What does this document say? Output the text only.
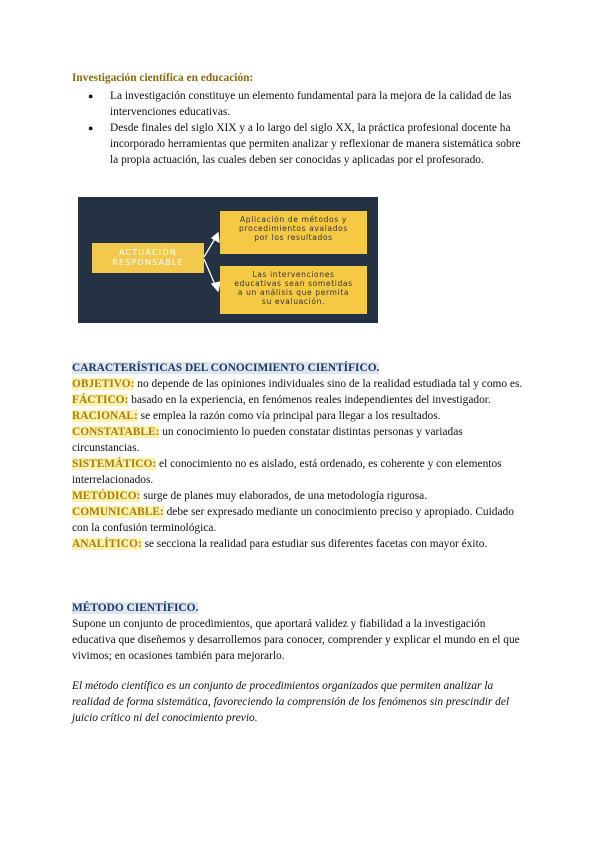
Investigación científica en educación:
● La investigación constituye un elemento fundamental para la mejora de la calidad de las intervenciones educativas.
● Desde finales del siglo XIX y a lo largo del siglo XX, la práctica profesional docente ha incorporado herramientas que permiten analizar y reflexionar de manera sistemática sobre la propia actuación, las cuales deben ser conocidas y aplicadas por el profesorado.
ACTUACIÓN
RESPONSABLE
Aplicación de métodos y
procedimientos avalados
por los resultados
Las intervenciones
educativas sean sometidas
a un análisis que permita
su evaluación.
CARACTERÍSTICAS DEL CONOCIMIENTO CIENTÍFICO.
OBJETIVO: no depende de las opiniones individuales sino de la realidad estudiada tal y como es.
FÁCTICO: basado en la experiencia, en fenómenos reales independientes del investigador.
RACIONAL: se emplea la razón como vía principal para llegar a los resultados.
CONSTATABLE: un conocimiento lo pueden constatar distintas personas y variadas circunstancias.
SISTEMÁTICO: el conocimiento no es aislado, está ordenado, es coherente y con elementos interrelacionados.
METÓDICO: surge de planes muy elaborados, de una metodología rigurosa.
COMUNICABLE: debe ser expresado mediante un conocimiento preciso y apropiado. Cuidado con la confusión terminológica.
ANALÍTICO: se secciona la realidad para estudiar sus diferentes facetas con mayor éxito.
MÉTODO CIENTÍFICO.
Supone un conjunto de procedimientos, que aportará validez y fiabilidad a la investigación educativa que diseñemos y desarrollemos para conocer, comprender y explicar el mundo en el que vivimos; en ocasiones también para mejorarlo.
El método científico es un conjunto de procedimientos organizados que permiten analizar la realidad de forma sistemática, favoreciendo la comprensión de los fenómenos sin prescindir del juicio crítico ni del conocimiento previo.
